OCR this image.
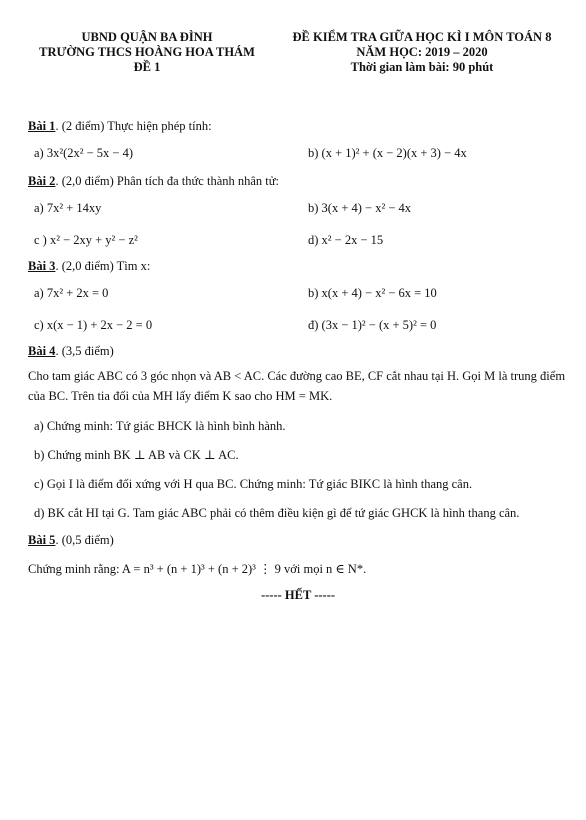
UBND QUẬN BA ĐÌNH
TRƯỜNG THCS HOÀNG HOA THÁM
ĐỀ 1
ĐỀ KIỂM TRA GIỮA HỌC KÌ I MÔN TOÁN 8
NĂM HỌC: 2019 – 2020
Thời gian làm bài: 90 phút

Bài 1. (2 điểm) Thực hiện phép tính:

a) 3x²(2x² − 5x − 4)	b) (x + 1)² + (x − 2)(x + 3) − 4x

Bài 2. (2,0 điểm) Phân tích đa thức thành nhân tử:

a) 7x² + 14xy	b) 3(x + 4) − x² − 4x
c ) x² − 2xy + y² − z²	d) x² − 2x − 15

Bài 3. (2,0 điểm) Tìm x:

a) 7x² + 2x = 0	b) x(x + 4) − x² − 6x = 10
c) x(x − 1) + 2x − 2 = 0	đ) (3x − 1)² − (x + 5)² = 0

Bài 4. (3,5 điểm)

Cho tam giác ABC có 3 góc nhọn và AB < AC. Các đường cao BE, CF cắt nhau tại H. Gọi M là trung điểm của BC. Trên tia đối của MH lấy điểm K sao cho HM = MK.

a) Chứng minh: Tứ giác BHCK là hình bình hành.
b) Chứng minh BK ⊥ AB và CK ⊥ AC.
c) Gọi I là điểm đối xứng với H qua BC. Chứng minh: Tứ giác BIKC là hình thang cân.
d) BK cắt HI tại G. Tam giác ABC phải có thêm điều kiện gì để tứ giác GHCK là hình thang cân.

Bài 5. (0,5 điểm)

Chứng minh rằng: A = n³ + (n + 1)³ + (n + 2)³ ⋮ 9 với mọi n ∈ N*.
----- HẾT -----
